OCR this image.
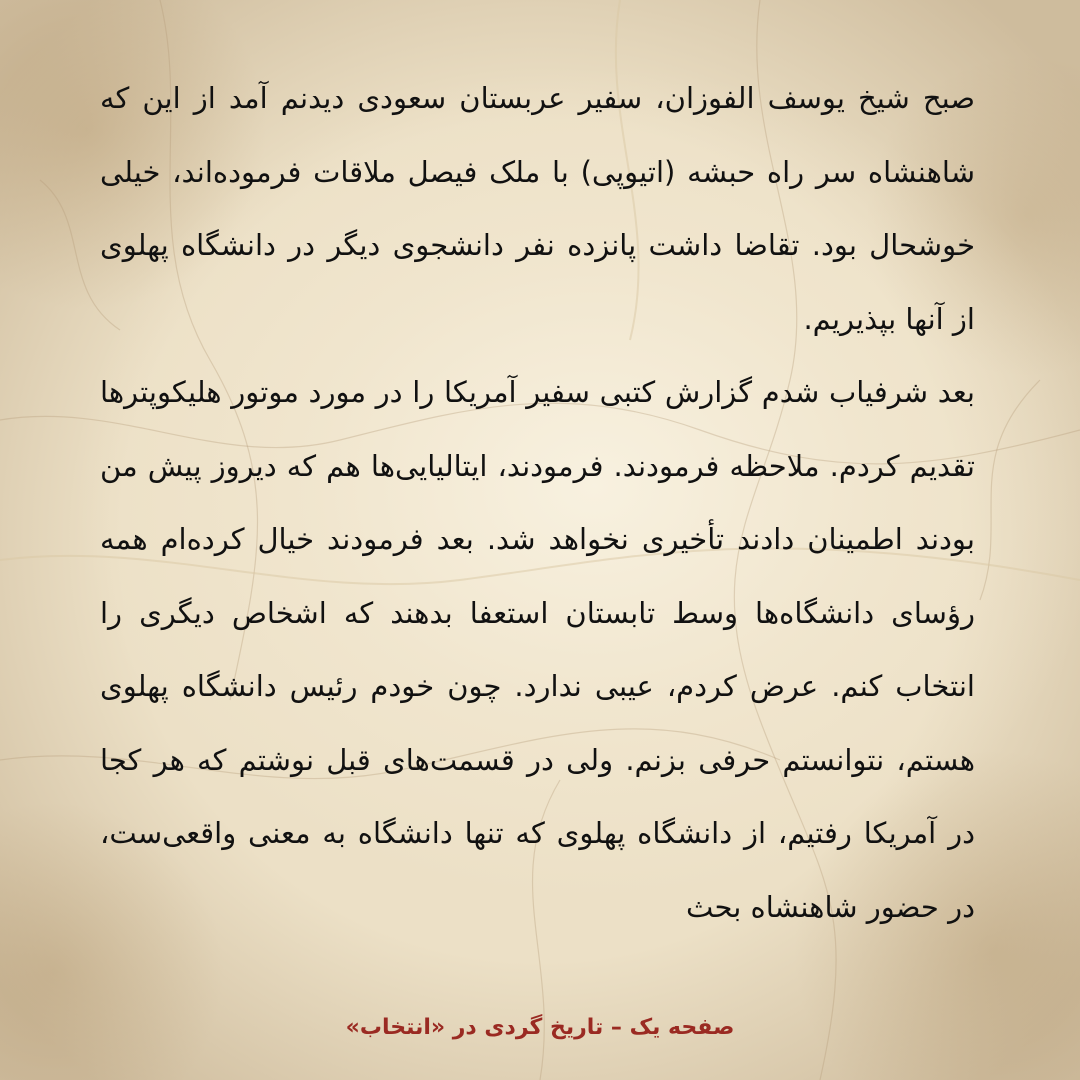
صبح شیخ یوسف الفوزان، سفیر عربستان سعودی دیدنم آمد از این که شاهنشاه سر راه حبشه (اتیوپی) با ملک فیصل ملاقات فرموده‌اند، خیلی خوشحال بود. تقاضا داشت پانزده نفر دانشجوی دیگر در دانشگاه پهلوی از آنها بپذیریم.

بعد شرفیاب شدم گزارش کتبی سفیر آمریکا را در مورد موتور هلیکوپترها تقدیم کردم. ملاحظه فرمودند. فرمودند، ایتالیایی‌ها هم که دیروز پیش من بودند اطمینان دادند تأخیری نخواهد شد. بعد فرمودند خیال کرده‌ام همه رؤسای دانشگاه‌ها وسط تابستان استعفا بدهند که اشخاص دیگری را انتخاب کنم. عرض کردم، عیبی ندارد. چون خودم رئیس دانشگاه پهلوی هستم، نتوانستم حرفی بزنم. ولی در قسمت‌های قبل نوشتم که هر کجا در آمریکا رفتیم، از دانشگاه پهلوی که تنها دانشگاه به معنی واقعی‌ست، در حضور شاهنشاه بحث

صفحه یک – تاریخ گردی در «انتخاب»
